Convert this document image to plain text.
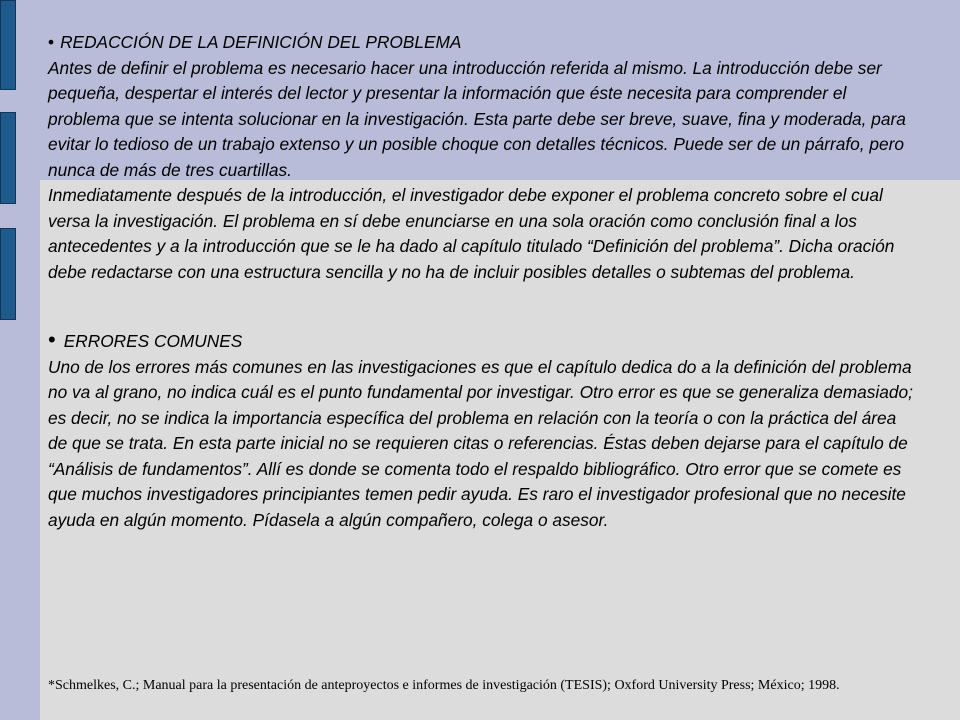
• REDACCIÓN DE LA DEFINICIÓN DEL PROBLEMA

Antes de definir el problema es necesario hacer una introducción referida al mismo. La introducción debe ser pequeña, despertar el interés del lector y presentar la información que éste necesita para comprender el problema que se intenta solucionar en la investigación. Esta parte debe ser breve, suave, fina y moderada, para evitar lo tedioso de un trabajo extenso y un posible choque con detalles técnicos. Puede ser de un párrafo, pero nunca de más de tres cuartillas.

Inmediatamente después de la introducción, el investigador debe exponer el problema concreto sobre el cual versa la investigación. El problema en sí debe enunciarse en una sola oración como conclusión final a los antecedentes y a la introducción que se le ha dado al capítulo titulado “Definición del problema”. Dicha oración debe redactarse con una estructura sencilla y no ha de incluir posibles detalles o subtemas del problema.

• ERRORES COMUNES

Uno de los errores más comunes en las investigaciones es que el capítulo dedica do a la definición del problema no va al grano, no indica cuál es el punto fundamental por investigar. Otro error es que se generaliza demasiado; es decir, no se indica la importancia específica del problema en relación con la teoría o con la práctica del área de que se trata. En esta parte inicial no se requieren citas o referencias. Éstas deben dejarse para el capítulo de “Análisis de fundamentos”. Allí es donde se comenta todo el respaldo bibliográfico. Otro error que se comete es que muchos investigadores principiantes temen pedir ayuda. Es raro el investigador profesional que no necesite ayuda en algún momento. Pídasela a algún compañero, colega o asesor.

*Schmelkes, C.; Manual para la presentación de anteproyectos e informes de investigación (TESIS); Oxford University Press; México; 1998.
